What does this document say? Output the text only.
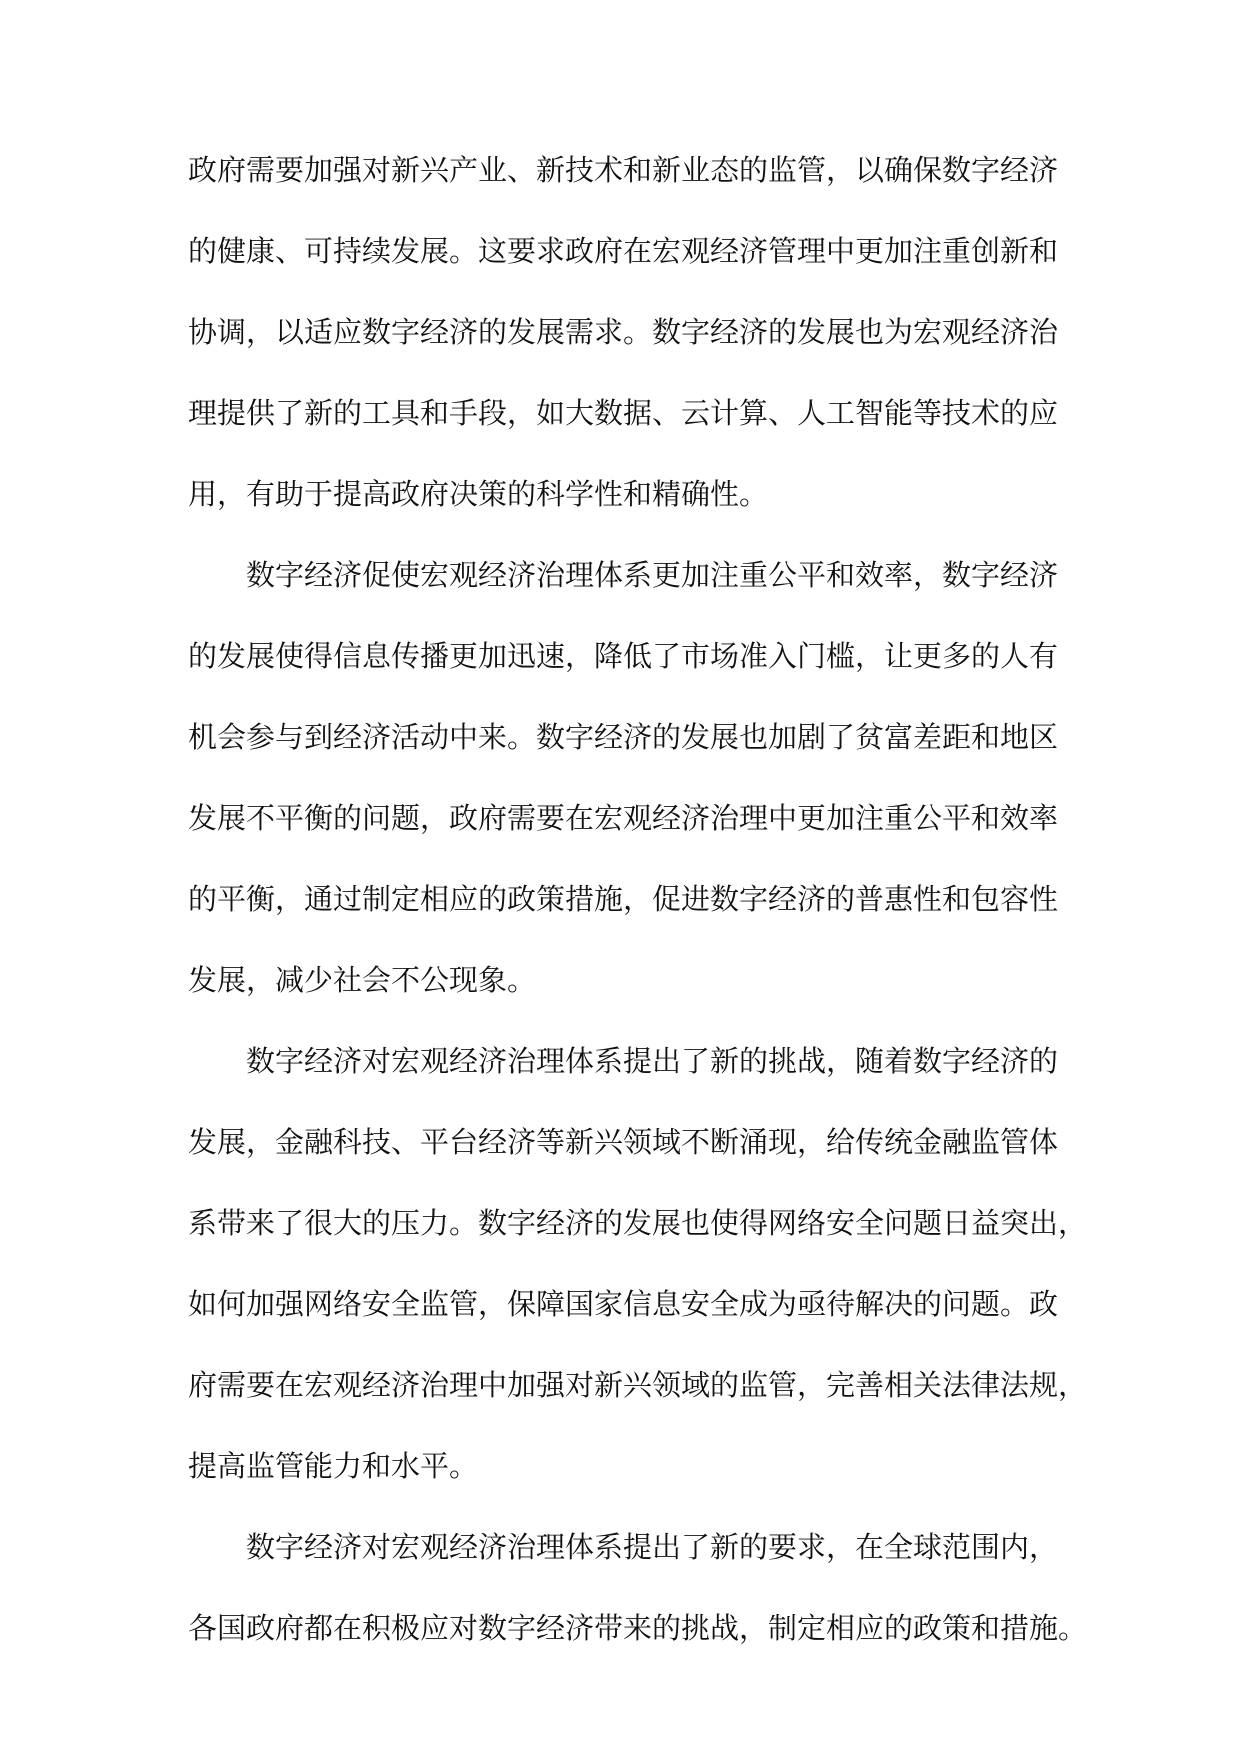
政府需要加强对新兴产业、新技术和新业态的监管，以确保数字经济
的健康、可持续发展。这要求政府在宏观经济管理中更加注重创新和
协调，以适应数字经济的发展需求。数字经济的发展也为宏观经济治
理提供了新的工具和手段，如大数据、云计算、人工智能等技术的应
用，有助于提高政府决策的科学性和精确性。
数字经济促使宏观经济治理体系更加注重公平和效率，数字经济
的发展使得信息传播更加迅速，降低了市场准入门槛，让更多的人有
机会参与到经济活动中来。数字经济的发展也加剧了贫富差距和地区
发展不平衡的问题，政府需要在宏观经济治理中更加注重公平和效率
的平衡，通过制定相应的政策措施，促进数字经济的普惠性和包容性
发展，减少社会不公现象。
数字经济对宏观经济治理体系提出了新的挑战，随着数字经济的
发展，金融科技、平台经济等新兴领域不断涌现，给传统金融监管体
系带来了很大的压力。数字经济的发展也使得网络安全问题日益突出，
如何加强网络安全监管，保障国家信息安全成为亟待解决的问题。政
府需要在宏观经济治理中加强对新兴领域的监管，完善相关法律法规，
提高监管能力和水平。
数字经济对宏观经济治理体系提出了新的要求，在全球范围内，
各国政府都在积极应对数字经济带来的挑战，制定相应的政策和措施。
